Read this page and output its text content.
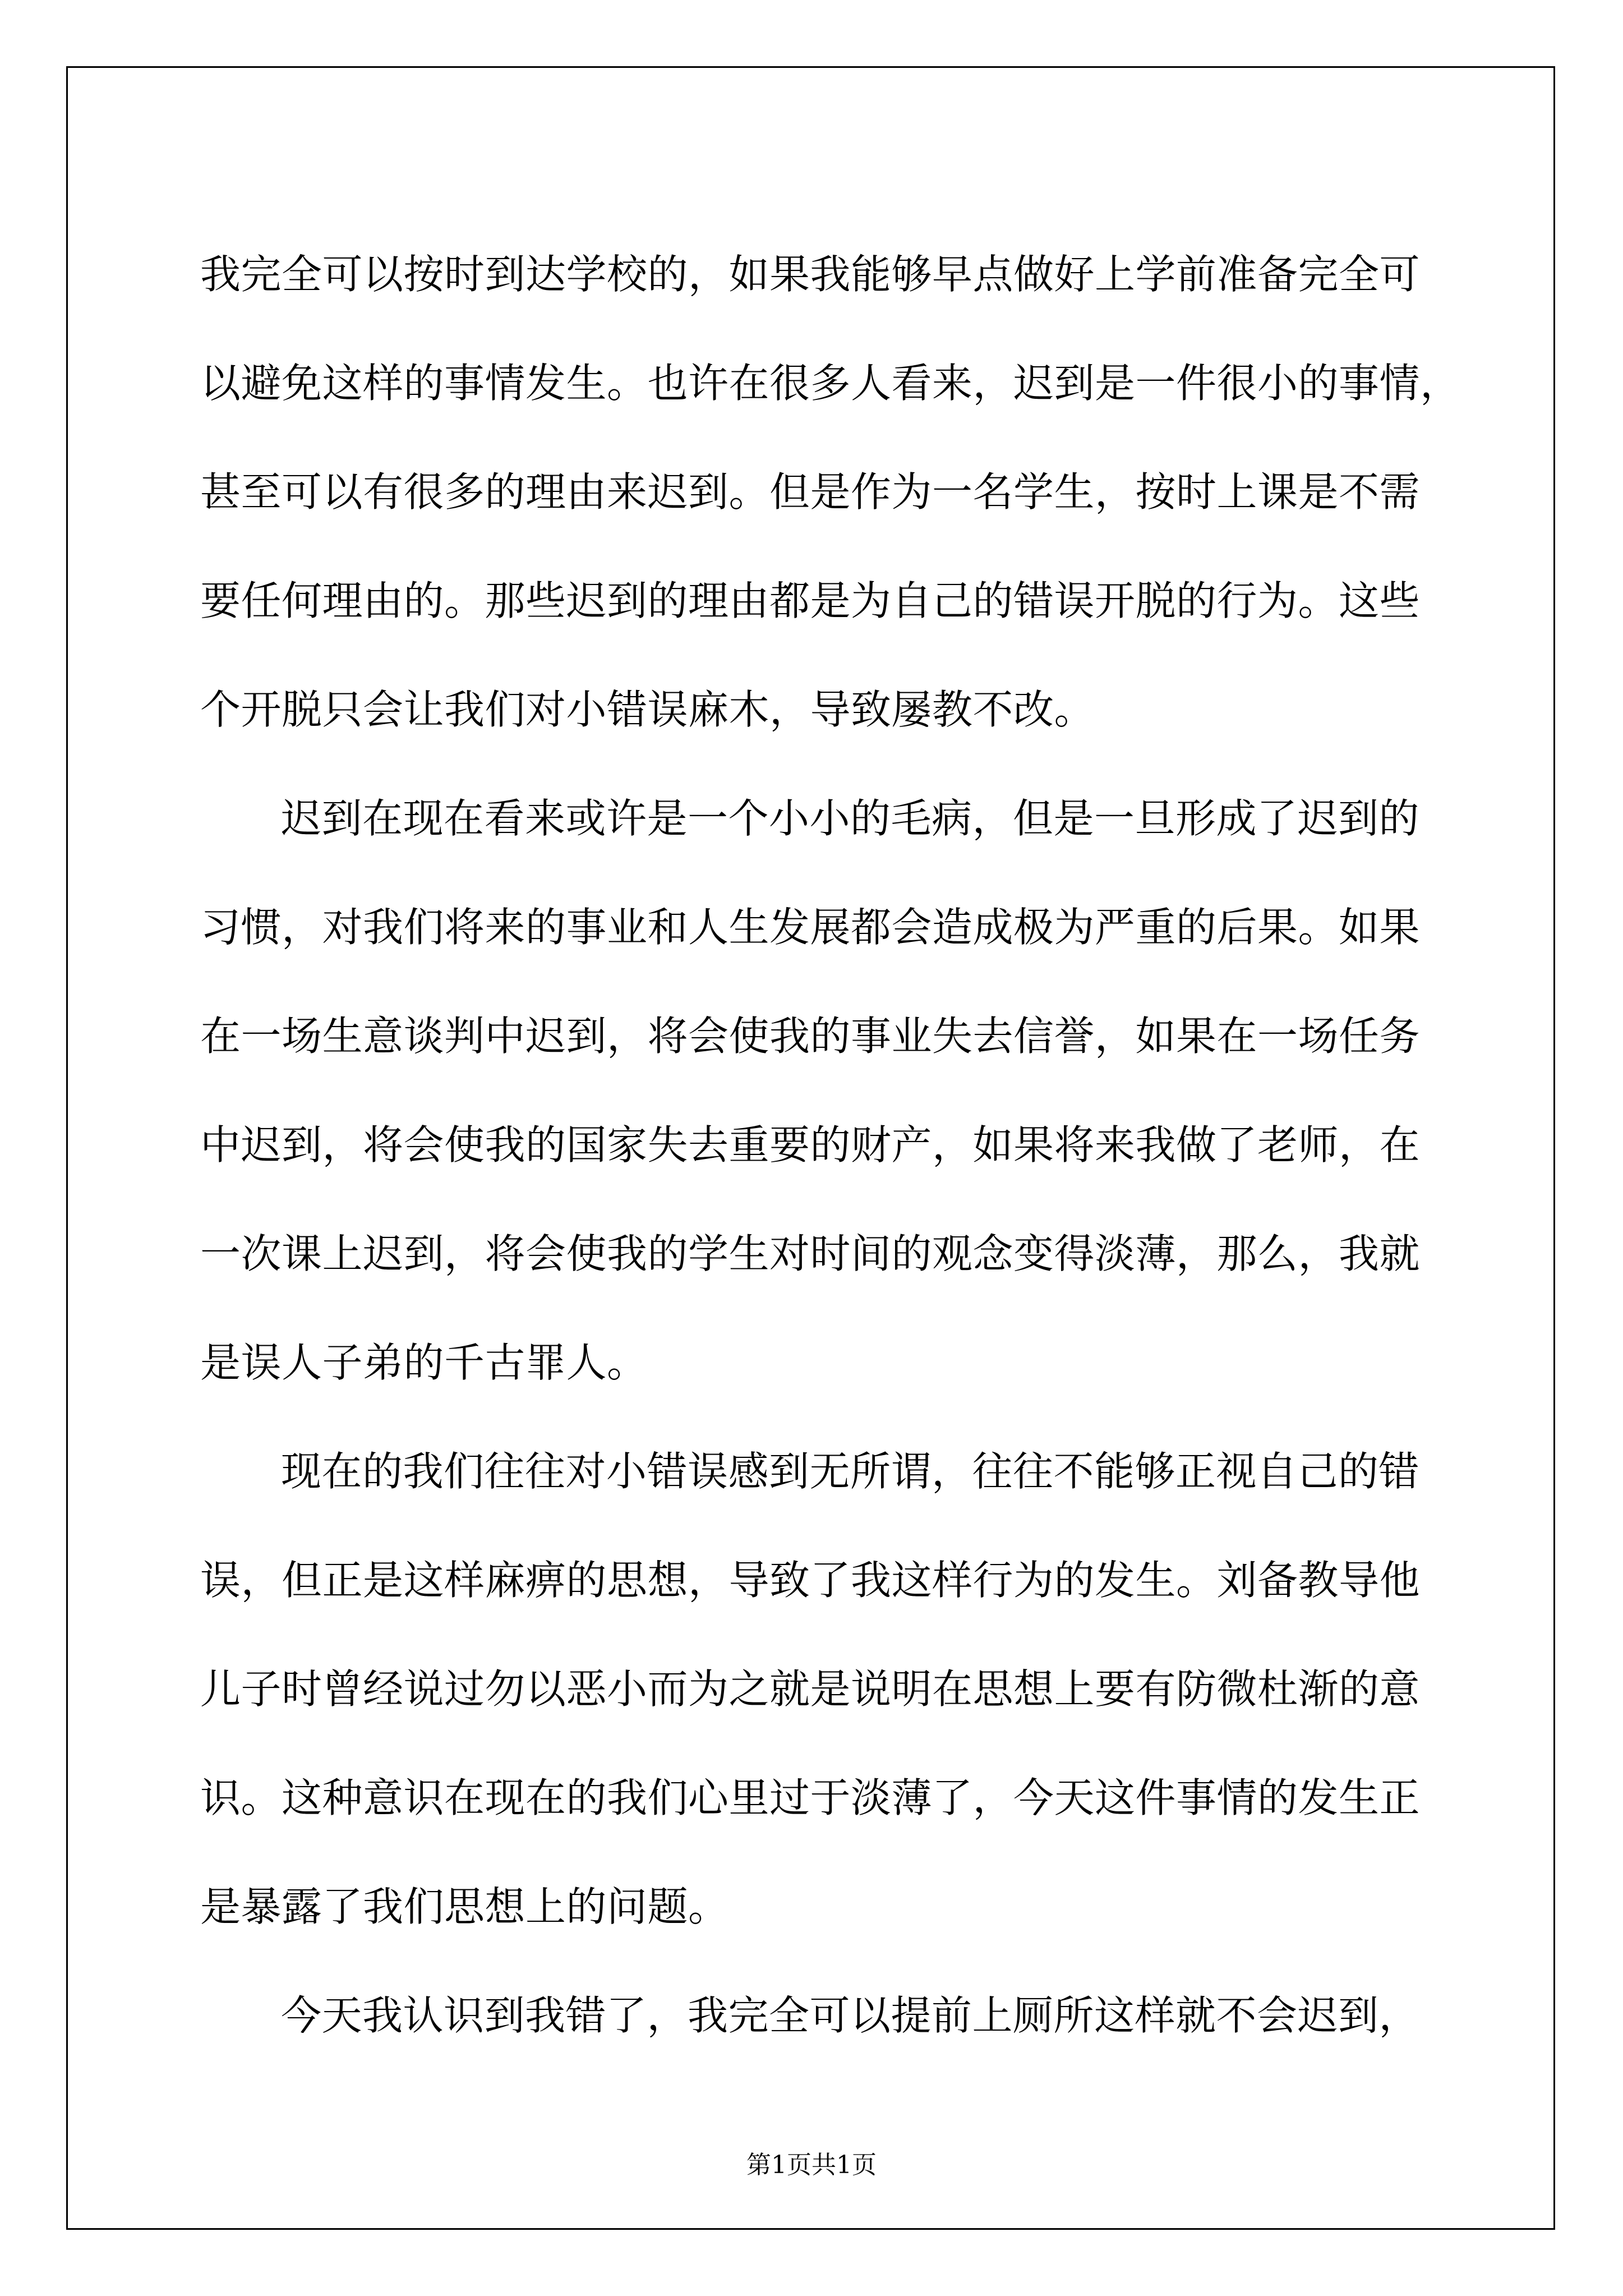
我完全可以按时到达学校的，如果我能够早点做好上学前准备完全可
以避免这样的事情发生。也许在很多人看来，迟到是一件很小的事情，
甚至可以有很多的理由来迟到。但是作为一名学生，按时上课是不需
要任何理由的。那些迟到的理由都是为自己的错误开脱的行为。这些
个开脱只会让我们对小错误麻木，导致屡教不改。
迟到在现在看来或许是一个小小的毛病，但是一旦形成了迟到的
习惯，对我们将来的事业和人生发展都会造成极为严重的后果。如果
在一场生意谈判中迟到，将会使我的事业失去信誉，如果在一场任务
中迟到，将会使我的国家失去重要的财产，如果将来我做了老师，在
一次课上迟到，将会使我的学生对时间的观念变得淡薄，那么，我就
是误人子弟的千古罪人。
现在的我们往往对小错误感到无所谓，往往不能够正视自己的错
误，但正是这样麻痹的思想，导致了我这样行为的发生。刘备教导他
儿子时曾经说过勿以恶小而为之就是说明在思想上要有防微杜渐的意
识。这种意识在现在的我们心里过于淡薄了，今天这件事情的发生正
是暴露了我们思想上的问题。
今天我认识到我错了，我完全可以提前上厕所这样就不会迟到，
第1页共1页
